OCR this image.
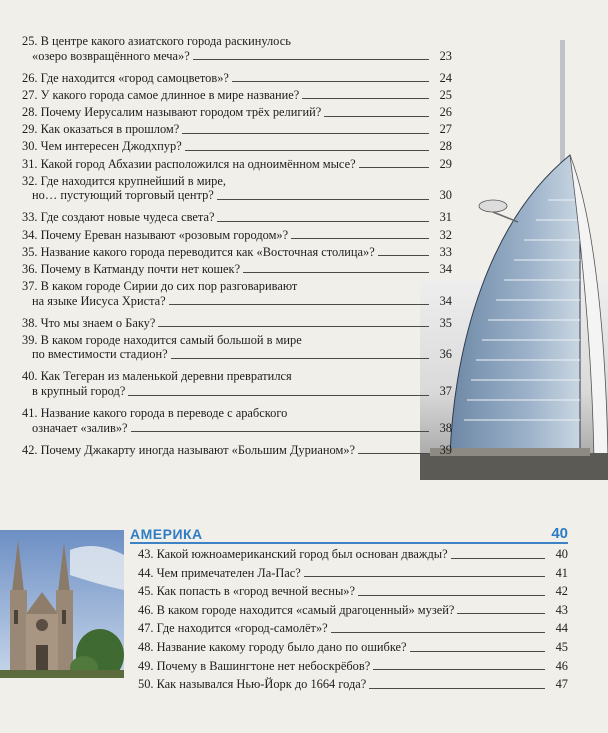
25. В центре какого азиатского города раскинулось
«озеро возвращённого меча»?	23
26. Где находится «город самоцветов»?	24
27. У какого города самое длинное в мире название?	25
28. Почему Иерусалим называют городом трёх религий?	26
29. Как оказаться в прошлом?	27
30. Чем интересен Джодхпур?	28
31. Какой город Абхазии расположился на одноимённом мысе?	29
32. Где находится крупнейший в мире,
но… пустующий торговый центр?	30
33. Где создают новые чудеса света?	31
34. Почему Ереван называют «розовым городом»?	32
35. Название какого города переводится как «Восточная столица»?	33
36. Почему в Катманду почти нет кошек?	34
37. В каком городе Сирии до сих пор разговаривают
на языке Иисуса Христа?	34
38. Что мы знаем о Баку?	35
39. В каком городе находится самый большой в мире
по вместимости стадион?	36
40. Как Тегеран из маленькой деревни превратился
в крупный город?	37
41. Название какого города в переводе с арабского
означает «залив»?	38
42. Почему Джакарту иногда называют «Большим Дурианом»?	39
АМЕРИКА	40
43. Какой южноамериканский город был основан дважды?	40
44. Чем примечателен Ла-Пас?	41
45. Как попасть в «город вечной весны»?	42
46. В каком городе находится «самый драгоценный» музей?	43
47. Где находится «город-самолёт»?	44
48. Название какому городу было дано по ошибке?	45
49. Почему в Вашингтоне нет небоскрёбов?	46
50. Как назывался Нью-Йорк до 1664 года?	47
